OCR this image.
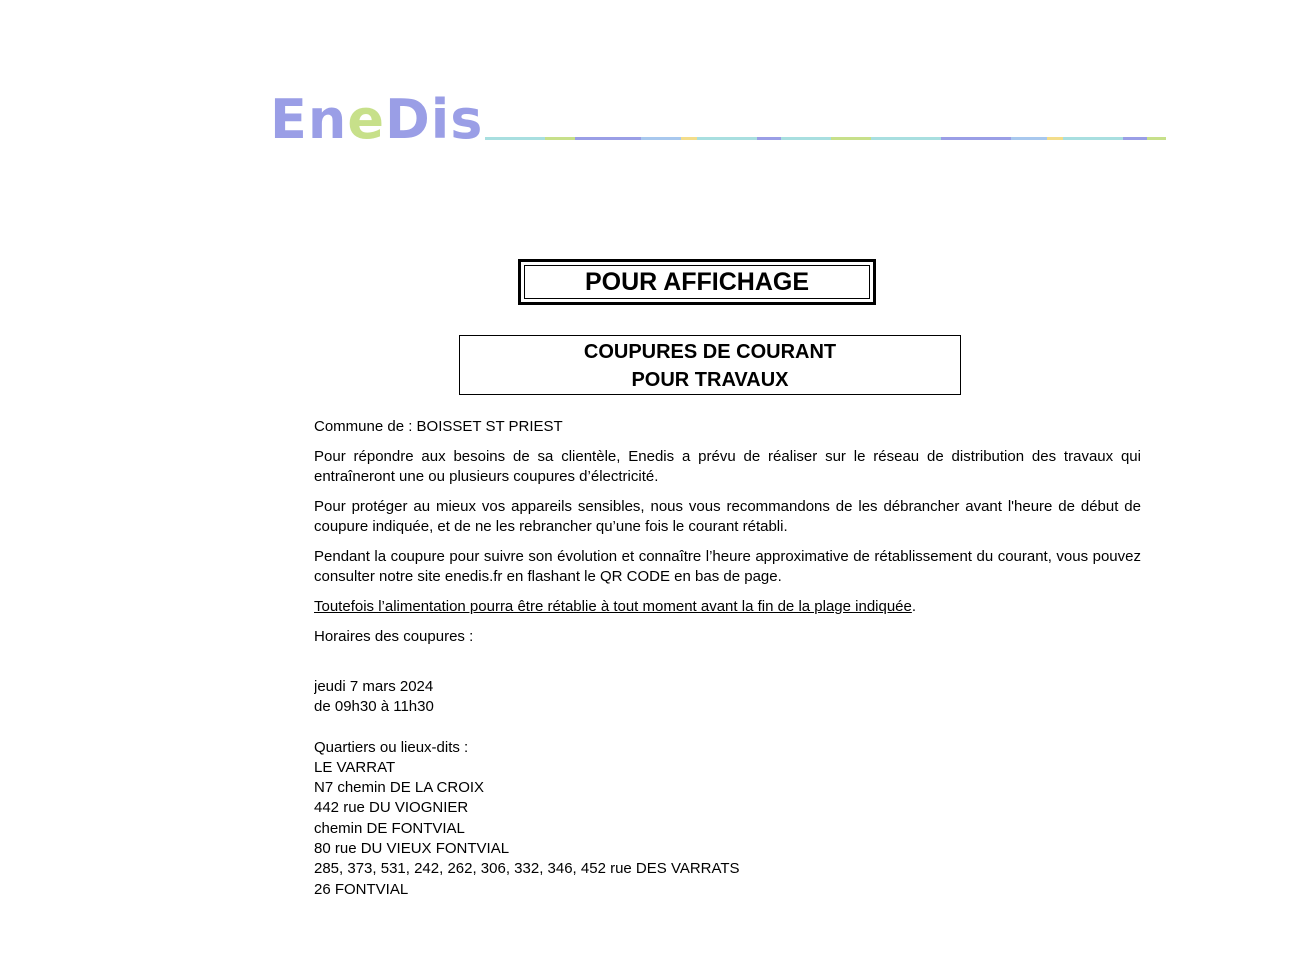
EneDis
POUR AFFICHAGE
COUPURES DE COURANT
POUR TRAVAUX

Commune de : BOISSET ST PRIEST

Pour répondre aux besoins de sa clientèle, Enedis a prévu de réaliser sur le réseau de distribution des travaux qui entraîneront une ou plusieurs coupures d’électricité.

Pour protéger au mieux vos appareils sensibles, nous vous recommandons de les débrancher avant l'heure de début de coupure indiquée, et de ne les rebrancher qu’une fois le courant rétabli.

Pendant la coupure pour suivre son évolution et connaître l’heure approximative de rétablissement du courant, vous pouvez consulter notre site enedis.fr en flashant le QR CODE en bas de page.

Toutefois l’alimentation pourra être rétablie à tout moment avant la fin de la plage indiquée.

Horaires des coupures :

jeudi 7 mars 2024
de 09h30 à 11h30
Quartiers ou lieux-dits :
LE VARRAT
N7 chemin DE LA CROIX
442 rue DU VIOGNIER
chemin DE FONTVIAL
80 rue DU VIEUX FONTVIAL
285, 373, 531, 242, 262, 306, 332, 346, 452 rue DES VARRATS
26 FONTVIAL
